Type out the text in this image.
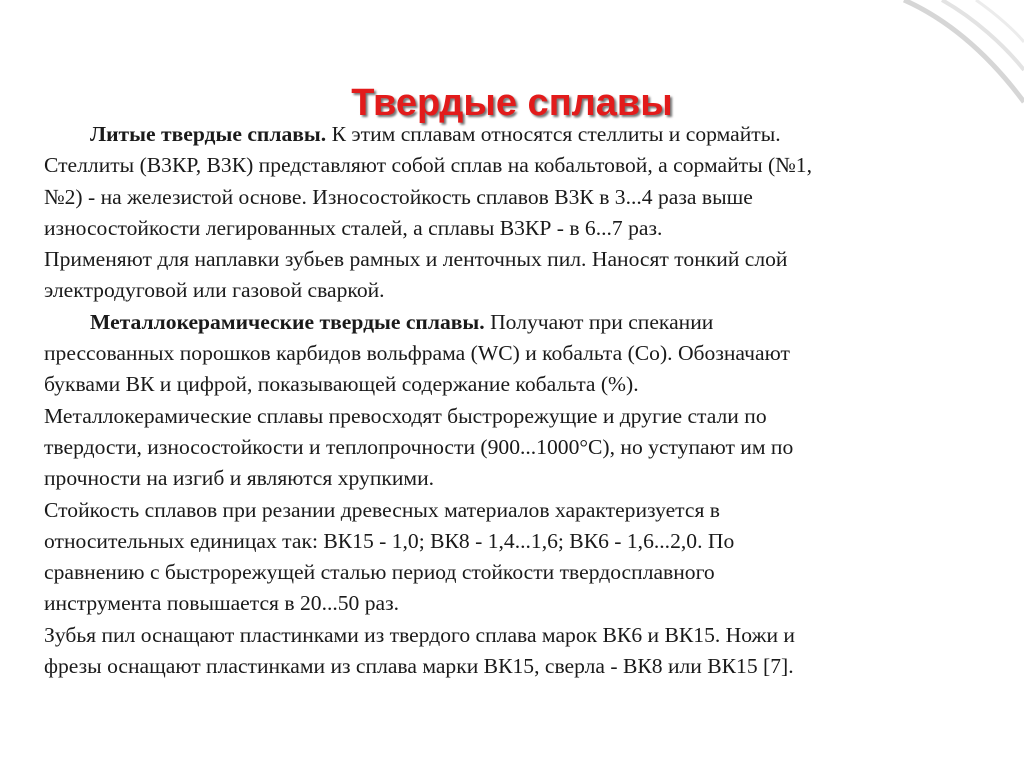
Твердые сплавы
Литые твердые сплавы. К этим сплавам относятся стеллиты и сормайты.
Стеллиты (В3КР, В3К) представляют собой сплав на кобальтовой, а сормайты (№1,
№2) - на железистой основе. Износостойкость сплавов В3К в 3...4 раза выше
износостойкости легированных сталей, а сплавы В3КР - в 6...7 раз.
Применяют для наплавки зубьев рамных и ленточных пил. Наносят тонкий слой
электродуговой или газовой сваркой.
Металлокерамические твердые сплавы. Получают при спекании
прессованных порошков карбидов вольфрама (WC) и кобальта (Co). Обозначают
буквами ВК и цифрой, показывающей содержание кобальта (%).
Металлокерамические сплавы превосходят быстрорежущие и другие стали по
твердости, износостойкости и теплопрочности (900...1000°C), но уступают им по
прочности на изгиб и являются хрупкими.
Стойкость сплавов при резании древесных материалов характеризуется в
относительных единицах так: ВК15 - 1,0; ВК8 - 1,4...1,6; ВК6 - 1,6...2,0. По
сравнению с быстрорежущей сталью период стойкости твердосплавного
инструмента повышается в 20...50 раз.
Зубья пил оснащают пластинками из твердого сплава марок ВК6 и ВК15. Ножи и
фрезы оснащают пластинками из сплава марки ВК15, сверла - ВК8 или ВК15 [7].
